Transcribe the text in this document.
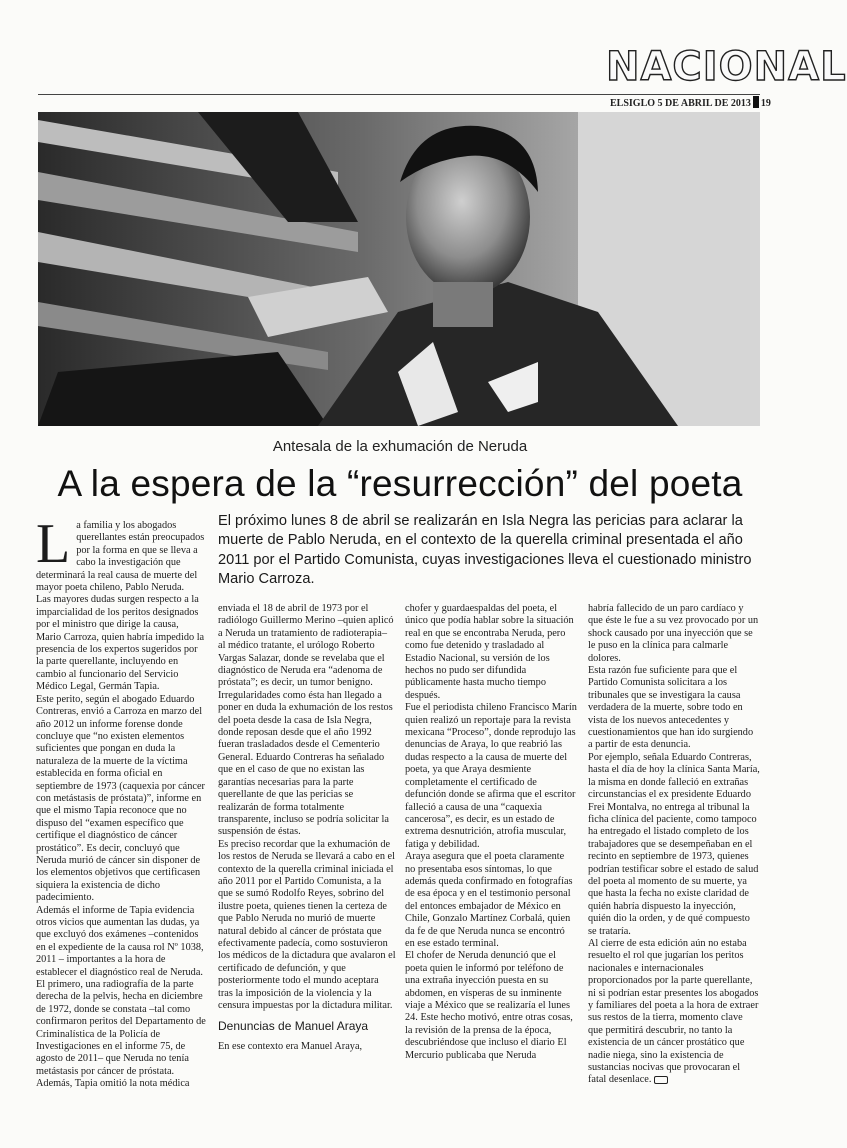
NACIONAL
ELSIGLO 5 DE ABRIL DE 2013 19
Antesala de la exhumación de Neruda
A la espera de la “resurrección” del poeta

El próximo lunes 8 de abril se realizarán en Isla Negra las pericias para aclarar la muerte de Pablo Neruda, en el contexto de la querella criminal presentada el año 2011 por el Partido Comunista, cuyas investigaciones lleva el cuestionado ministro Mario Carroza.

La familia y los abogados querellantes están preocupados por la forma en que se lleva a cabo la investigación que determinará la real causa de muerte del mayor poeta chileno, Pablo Neruda.

Las mayores dudas surgen respecto a la imparcialidad de los peritos designados por el ministro que dirige la causa, Mario Carroza, quien habría impedido la presencia de los expertos sugeridos por la parte querellante, incluyendo en cambio al funcionario del Servicio Médico Legal, Germán Tapia.

Este perito, según el abogado Eduardo Contreras, envió a Carroza en marzo del año 2012 un informe forense donde concluye que “no existen elementos suficientes que pongan en duda la naturaleza de la muerte de la víctima establecida en forma oficial en septiembre de 1973 (caquexia por cáncer con metástasis de próstata)”, informe en que el mismo Tapia reconoce que no dispuso del “examen específico que certifique el diagnóstico de cáncer prostático”. Es decir, concluyó que Neruda murió de cáncer sin disponer de los elementos objetivos que certificasen siquiera la existencia de dicho padecimiento.

Además el informe de Tapia evidencia otros vicios que aumentan las dudas, ya que excluyó dos exámenes –contenidos en el expediente de la causa rol Nº 1038, 2011 – importantes a la hora de establecer el diagnóstico real de Neruda. El primero, una radiografía de la parte derecha de la pelvis, hecha en diciembre de 1972, donde se constata –tal como confirmaron peritos del Departamento de Criminalística de la Policía de Investigaciones en el informe 75, de agosto de 2011– que Neruda no tenía metástasis por cáncer de próstata.

Además, Tapia omitió la nota médica

enviada el 18 de abril de 1973 por el radiólogo Guillermo Merino –quien aplicó a Neruda un tratamiento de radioterapia– al médico tratante, el urólogo Roberto Vargas Salazar, donde se revelaba que el diagnóstico de Neruda era “adenoma de próstata”; es decir, un tumor benigno.

Irregularidades como ésta han llegado a poner en duda la exhumación de los restos del poeta desde la casa de Isla Negra, donde reposan desde que el año 1992 fueran trasladados desde el Cementerio General. Eduardo Contreras ha señalado que en el caso de que no existan las garantías necesarias para la parte querellante de que las pericias se realizarán de forma totalmente transparente, incluso se podría solicitar la suspensión de éstas.

Es preciso recordar que la exhumación de los restos de Neruda se llevará a cabo en el contexto de la querella criminal iniciada el año 2011 por el Partido Comunista, a la que se sumó Rodolfo Reyes, sobrino del ilustre poeta, quienes tienen la certeza de que Pablo Neruda no murió de muerte natural debido al cáncer de próstata que efectivamente padecía, como sostuvieron los médicos de la dictadura que avalaron el certificado de defunción, y que posteriormente todo el mundo aceptara tras la imposición de la violencia y la censura impuestas por la dictadura militar.

Denuncias de Manuel Araya

En ese contexto era Manuel Araya,

chofer y guardaespaldas del poeta, el único que podía hablar sobre la situación real en que se encontraba Neruda, pero como fue detenido y trasladado al Estadio Nacional, su versión de los hechos no pudo ser difundida públicamente hasta mucho tiempo después.

Fue el periodista chileno Francisco Marín quien realizó un reportaje para la revista mexicana “Proceso”, donde reprodujo las denuncias de Araya, lo que reabrió las dudas respecto a la causa de muerte del poeta, ya que Araya desmiente completamente el certificado de defunción donde se afirma que el escritor falleció a causa de una “caquexia cancerosa”, es decir, es un estado de extrema desnutrición, atrofia muscular, fatiga y debilidad.

Araya asegura que el poeta claramente no presentaba esos síntomas, lo que además queda confirmado en fotografías de esa época y en el testimonio personal del entonces embajador de México en Chile, Gonzalo Martínez Corbalá, quien da fe de que Neruda nunca se encontró en ese estado terminal.

El chofer de Neruda denunció que el poeta quien le informó por teléfono de una extraña inyección puesta en su abdomen, en vísperas de su inminente viaje a México que se realizaría el lunes 24. Este hecho motivó, entre otras cosas, la revisión de la prensa de la época, descubriéndose que incluso el diario El Mercurio publicaba que Neruda

habría fallecido de un paro cardíaco y que éste le fue a su vez provocado por un shock causado por una inyección que se le puso en la clínica para calmarle dolores.

Esta razón fue suficiente para que el Partido Comunista solicitara a los tribunales que se investigara la causa verdadera de la muerte, sobre todo en vista de los nuevos antecedentes y cuestionamientos que han ido surgiendo a partir de esta denuncia.

Por ejemplo, señala Eduardo Contreras, hasta el día de hoy la clínica Santa María, la misma en donde falleció en extrañas circunstancias el ex presidente Eduardo Frei Montalva, no entrega al tribunal la ficha clínica del paciente, como tampoco ha entregado el listado completo de los trabajadores que se desempeñaban en el recinto en septiembre de 1973, quienes podrían testificar sobre el estado de salud del poeta al momento de su muerte, ya que hasta la fecha no existe claridad de quién habría dispuesto la inyección, quién dio la orden, y de qué compuesto se trataría.

Al cierre de esta edición aún no estaba resuelto el rol que jugarían los peritos nacionales e internacionales proporcionados por la parte querellante, ni si podrían estar presentes los abogados y familiares del poeta a la hora de extraer sus restos de la tierra, momento clave que permitirá descubrir, no tanto la existencia de un cáncer prostático que nadie niega, sino la existencia de sustancias nocivas que provocaran el fatal desenlace.
